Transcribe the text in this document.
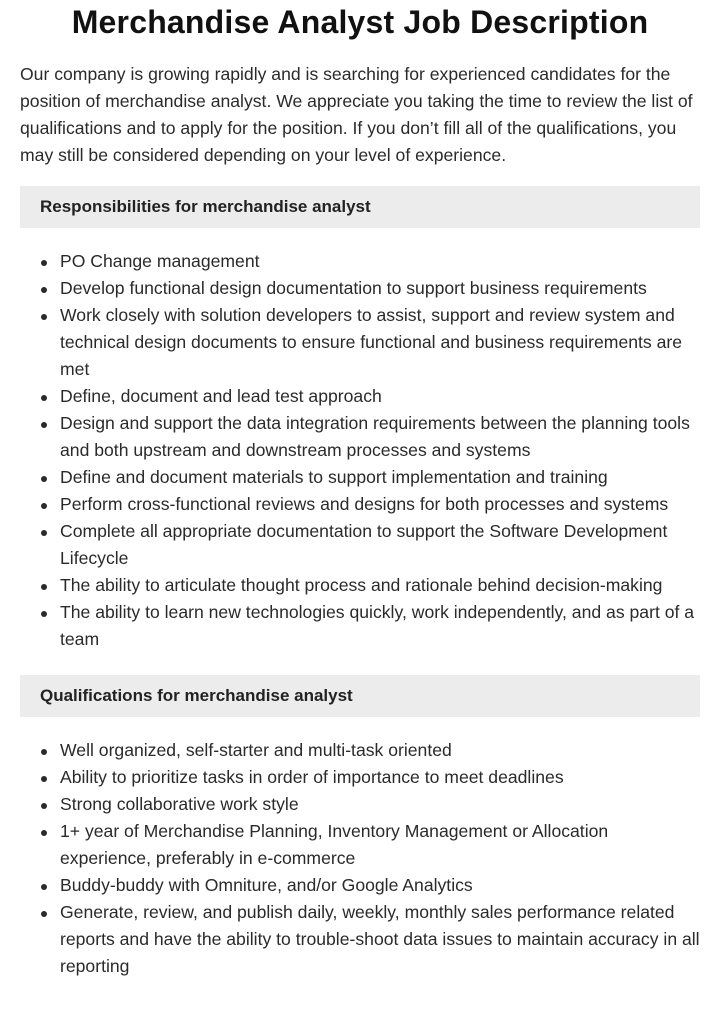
Merchandise Analyst Job Description

Our company is growing rapidly and is searching for experienced candidates for the position of merchandise analyst. We appreciate you taking the time to review the list of qualifications and to apply for the position. If you don’t fill all of the qualifications, you may still be considered depending on your level of experience.

Responsibilities for merchandise analyst
PO Change management
Develop functional design documentation to support business requirements
Work closely with solution developers to assist, support and review system and technical design documents to ensure functional and business requirements are met
Define, document and lead test approach
Design and support the data integration requirements between the planning tools and both upstream and downstream processes and systems
Define and document materials to support implementation and training
Perform cross-functional reviews and designs for both processes and systems
Complete all appropriate documentation to support the Software Development Lifecycle
The ability to articulate thought process and rationale behind decision-making
The ability to learn new technologies quickly, work independently, and as part of a team
Qualifications for merchandise analyst
Well organized, self-starter and multi-task oriented
Ability to prioritize tasks in order of importance to meet deadlines
Strong collaborative work style
1+ year of Merchandise Planning, Inventory Management or Allocation experience, preferably in e-commerce
Buddy-buddy with Omniture, and/or Google Analytics
Generate, review, and publish daily, weekly, monthly sales performance related reports and have the ability to trouble-shoot data issues to maintain accuracy in all reporting
